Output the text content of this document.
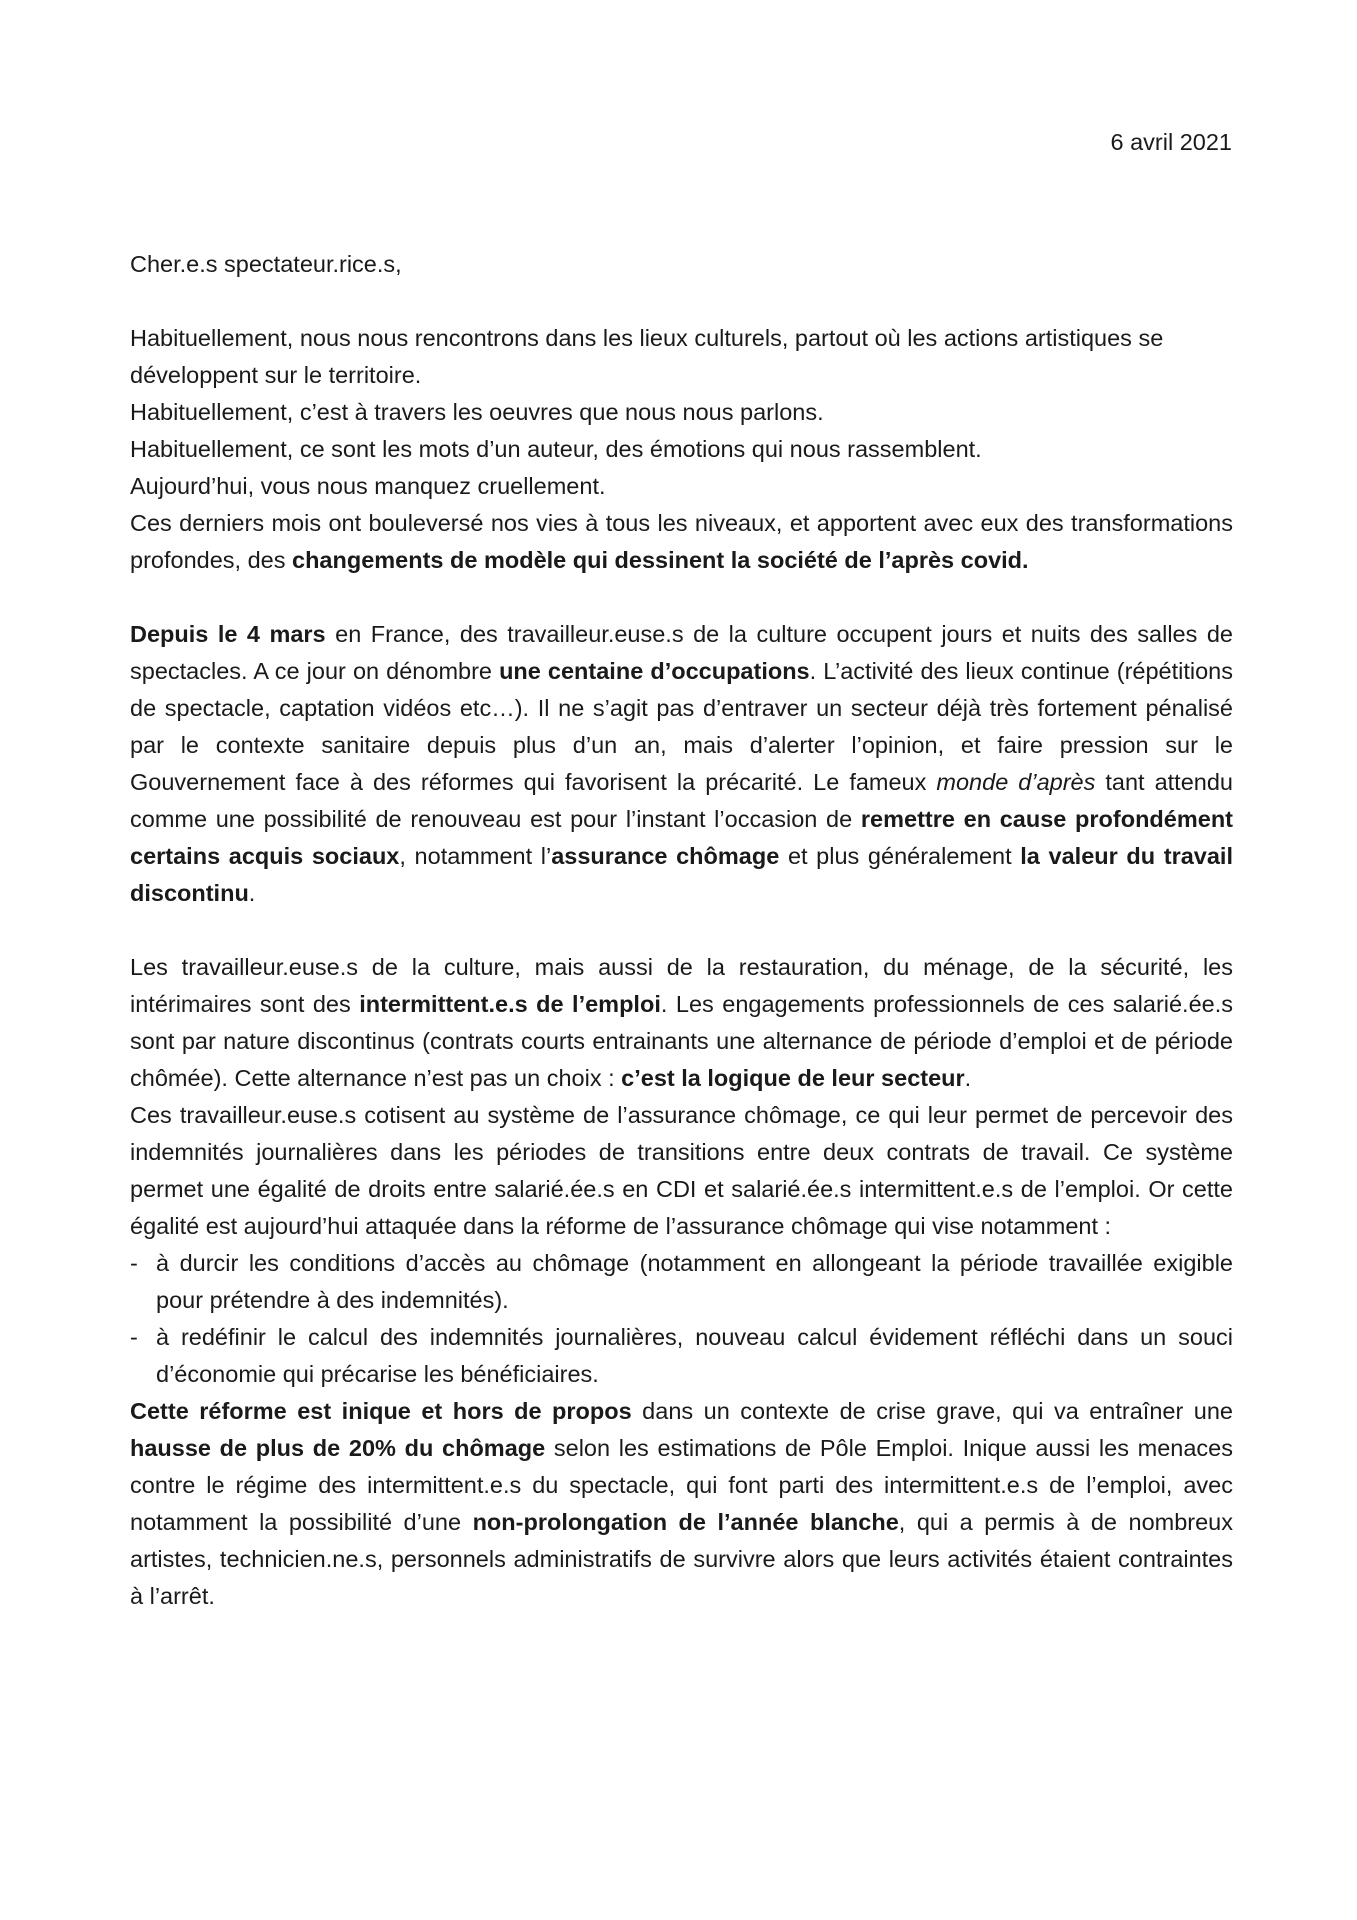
6 avril 2021

Cher.e.s spectateur.rice.s,

Habituellement, nous nous rencontrons dans les lieux culturels, partout où les actions artistiques se développent sur le territoire.

Habituellement, c’est à travers les oeuvres que nous nous parlons.

Habituellement, ce sont les mots d’un auteur, des émotions qui nous rassemblent.

Aujourd’hui, vous nous manquez cruellement.

Ces derniers mois ont bouleversé nos vies à tous les niveaux, et apportent avec eux des transformations profondes, des changements de modèle qui dessinent la société de l’après covid.

Depuis le 4 mars en France, des travailleur.euse.s de la culture occupent jours et nuits des salles de spectacles. A ce jour on dénombre une centaine d’occupations. L’activité des lieux continue (répétitions de spectacle, captation vidéos etc…). Il ne s’agit pas d’entraver un secteur déjà très fortement pénalisé par le contexte sanitaire depuis plus d’un an, mais d’alerter l’opinion, et faire pression sur le Gouvernement face à des réformes qui favorisent la précarité. Le fameux monde d’après tant attendu comme une possibilité de renouveau est pour l’instant l’occasion de remettre en cause profondément certains acquis sociaux, notamment l’assurance chômage et plus généralement la valeur du travail discontinu.

Les travailleur.euse.s de la culture, mais aussi de la restauration, du ménage, de la sécurité, les intérimaires sont des intermittent.e.s de l’emploi. Les engagements professionnels de ces salarié.ée.s sont par nature discontinus (contrats courts entrainants une alternance de période d’emploi et de période chômée). Cette alternance n’est pas un choix : c’est la logique de leur secteur.

Ces travailleur.euse.s cotisent au système de l’assurance chômage, ce qui leur permet de percevoir des indemnités journalières dans les périodes de transitions entre deux contrats de travail. Ce système permet une égalité de droits entre salarié.ée.s en CDI et salarié.ée.s intermittent.e.s de l’emploi. Or cette égalité est aujourd’hui attaquée dans la réforme de l’assurance chômage qui vise notamment :

- à durcir les conditions d’accès au chômage (notamment en allongeant la période travaillée exigible pour prétendre à des indemnités).
- à redéfinir le calcul des indemnités journalières, nouveau calcul évidement réfléchi dans un souci d’économie qui précarise les bénéficiaires.

Cette réforme est inique et hors de propos dans un contexte de crise grave, qui va entraîner une hausse de plus de 20% du chômage selon les estimations de Pôle Emploi. Inique aussi les menaces contre le régime des intermittent.e.s du spectacle, qui font parti des intermittent.e.s de l’emploi, avec notamment la possibilité d’une non-prolongation de l’année blanche, qui a permis à de nombreux artistes, technicien.ne.s, personnels administratifs de survivre alors que leurs activités étaient contraintes à l’arrêt.
